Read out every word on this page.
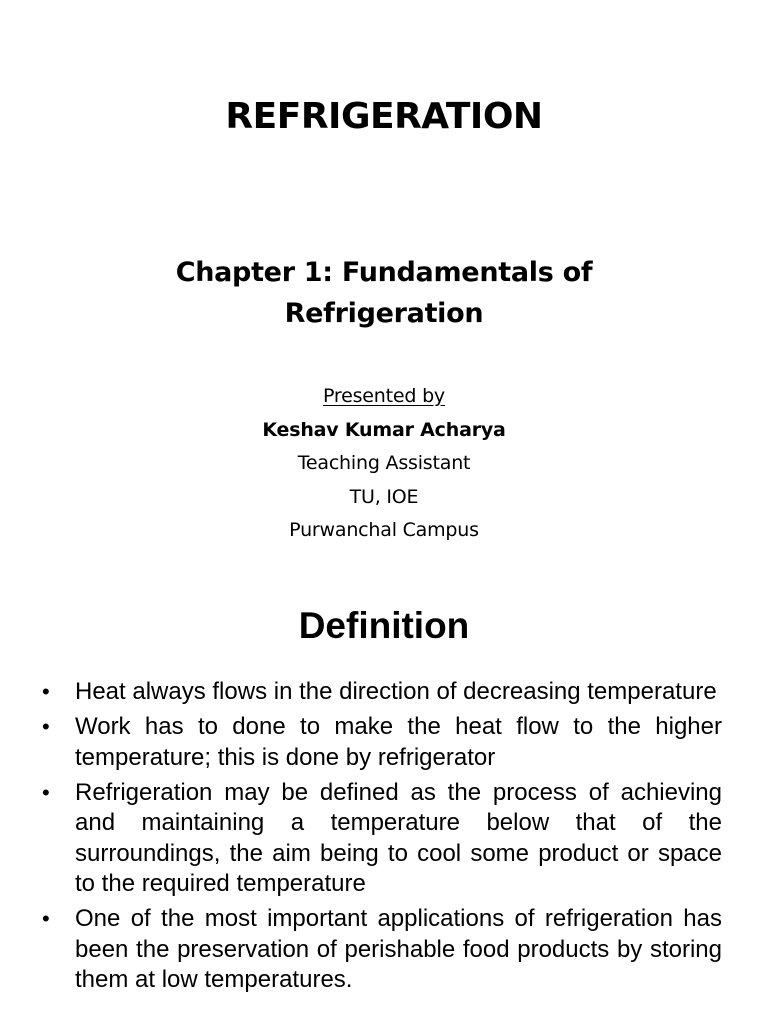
REFRIGERATION
Chapter 1: Fundamentals of Refrigeration
Presented by
Keshav Kumar Acharya
Teaching Assistant
TU, IOE
Purwanchal Campus
Definition
• Heat always flows in the direction of decreasing temperature
• Work has to done to make the heat flow to the higher temperature; this is done by refrigerator
• Refrigeration may be defined as the process of achieving and maintaining a temperature below that of the surroundings, the aim being to cool some product or space to the required temperature
• One of the most important applications of refrigeration has been the preservation of perishable food products by storing them at low temperatures.
